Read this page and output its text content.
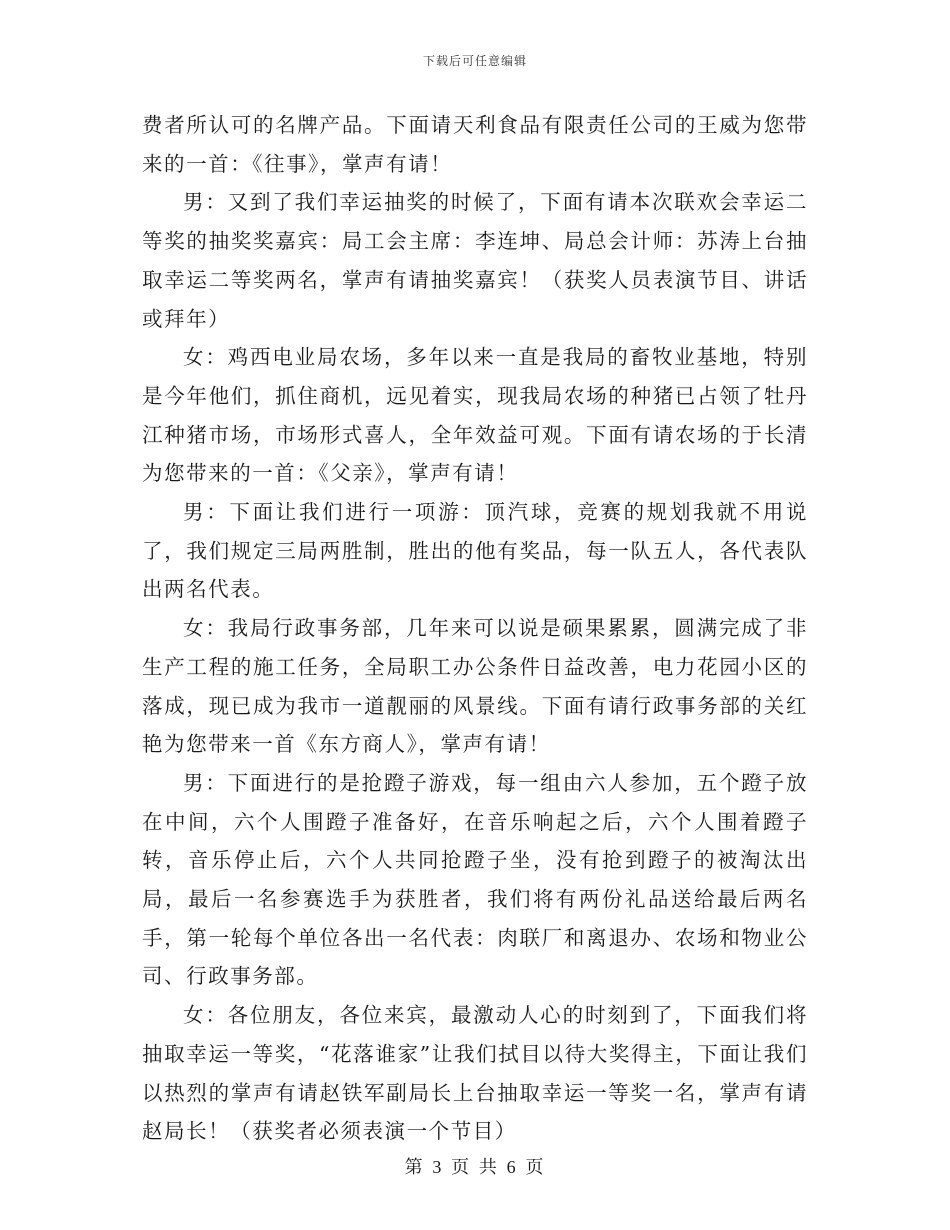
下载后可任意编辑

费者所认可的名牌产品。下面请天利食品有限责任公司的王威为您带来的一首：《往事》，掌声有请！

男：又到了我们幸运抽奖的时候了，下面有请本次联欢会幸运二等奖的抽奖奖嘉宾：局工会主席：李连坤、局总会计师：苏涛上台抽取幸运二等奖两名，掌声有请抽奖嘉宾！（获奖人员表演节目、讲话或拜年）

女：鸡西电业局农场，多年以来一直是我局的畜牧业基地，特别是今年他们，抓住商机，远见着实，现我局农场的种猪已占领了牡丹江种猪市场，市场形式喜人，全年效益可观。下面有请农场的于长清为您带来的一首：《父亲》，掌声有请！

男：下面让我们进行一项游：顶汽球，竞赛的规划我就不用说了，我们规定三局两胜制，胜出的他有奖品，每一队五人，各代表队出两名代表。

女：我局行政事务部，几年来可以说是硕果累累，圆满完成了非生产工程的施工任务，全局职工办公条件日益改善，电力花园小区的落成，现已成为我市一道靓丽的风景线。下面有请行政事务部的关红艳为您带来一首《东方商人》，掌声有请！

男：下面进行的是抢蹬子游戏，每一组由六人参加，五个蹬子放在中间，六个人围蹬子准备好，在音乐响起之后，六个人围着蹬子转，音乐停止后，六个人共同抢蹬子坐，没有抢到蹬子的被淘汰出局，最后一名参赛选手为获胜者，我们将有两份礼品送给最后两名手，第一轮每个单位各出一名代表：肉联厂和离退办、农场和物业公司、行政事务部。

女：各位朋友，各位来宾，最激动人心的时刻到了，下面我们将抽取幸运一等奖，“花落谁家”让我们拭目以待大奖得主，下面让我们以热烈的掌声有请赵铁军副局长上台抽取幸运一等奖一名，掌声有请赵局长！（获奖者必须表演一个节目）

第 3 页 共 6 页
